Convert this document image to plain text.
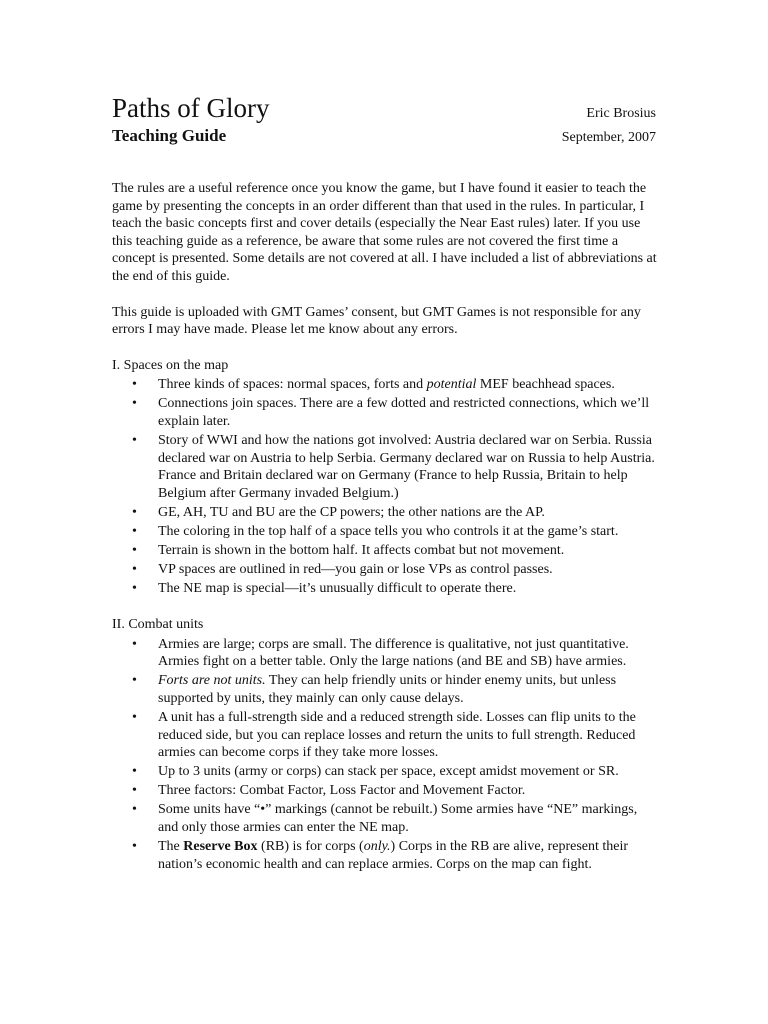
Paths of Glory	Eric Brosius
Teaching Guide	September, 2007

The rules are a useful reference once you know the game, but I have found it easier to teach the game by presenting the concepts in an order different than that used in the rules. In particular, I teach the basic concepts first and cover details (especially the Near East rules) later. If you use this teaching guide as a reference, be aware that some rules are not covered the first time a concept is presented. Some details are not covered at all. I have included a list of abbreviations at the end of this guide.

This guide is uploaded with GMT Games’ consent, but GMT Games is not responsible for any errors I may have made. Please let me know about any errors.

I. Spaces on the map
• Three kinds of spaces: normal spaces, forts and potential MEF beachhead spaces.
• Connections join spaces. There are a few dotted and restricted connections, which we’ll explain later.
• Story of WWI and how the nations got involved: Austria declared war on Serbia. Russia declared war on Austria to help Serbia. Germany declared war on Russia to help Austria. France and Britain declared war on Germany (France to help Russia, Britain to help Belgium after Germany invaded Belgium.)
• GE, AH, TU and BU are the CP powers; the other nations are the AP.
• The coloring in the top half of a space tells you who controls it at the game’s start.
• Terrain is shown in the bottom half. It affects combat but not movement.
• VP spaces are outlined in red—you gain or lose VPs as control passes.
• The NE map is special—it’s unusually difficult to operate there.
II. Combat units
• Armies are large; corps are small. The difference is qualitative, not just quantitative. Armies fight on a better table. Only the large nations (and BE and SB) have armies.
• Forts are not units. They can help friendly units or hinder enemy units, but unless supported by units, they mainly can only cause delays.
• A unit has a full-strength side and a reduced strength side. Losses can flip units to the reduced side, but you can replace losses and return the units to full strength. Reduced armies can become corps if they take more losses.
• Up to 3 units (army or corps) can stack per space, except amidst movement or SR.
• Three factors: Combat Factor, Loss Factor and Movement Factor.
• Some units have “•” markings (cannot be rebuilt.) Some armies have “NE” markings, and only those armies can enter the NE map.
• The Reserve Box (RB) is for corps (only.) Corps in the RB are alive, represent their nation’s economic health and can replace armies. Corps on the map can fight.
